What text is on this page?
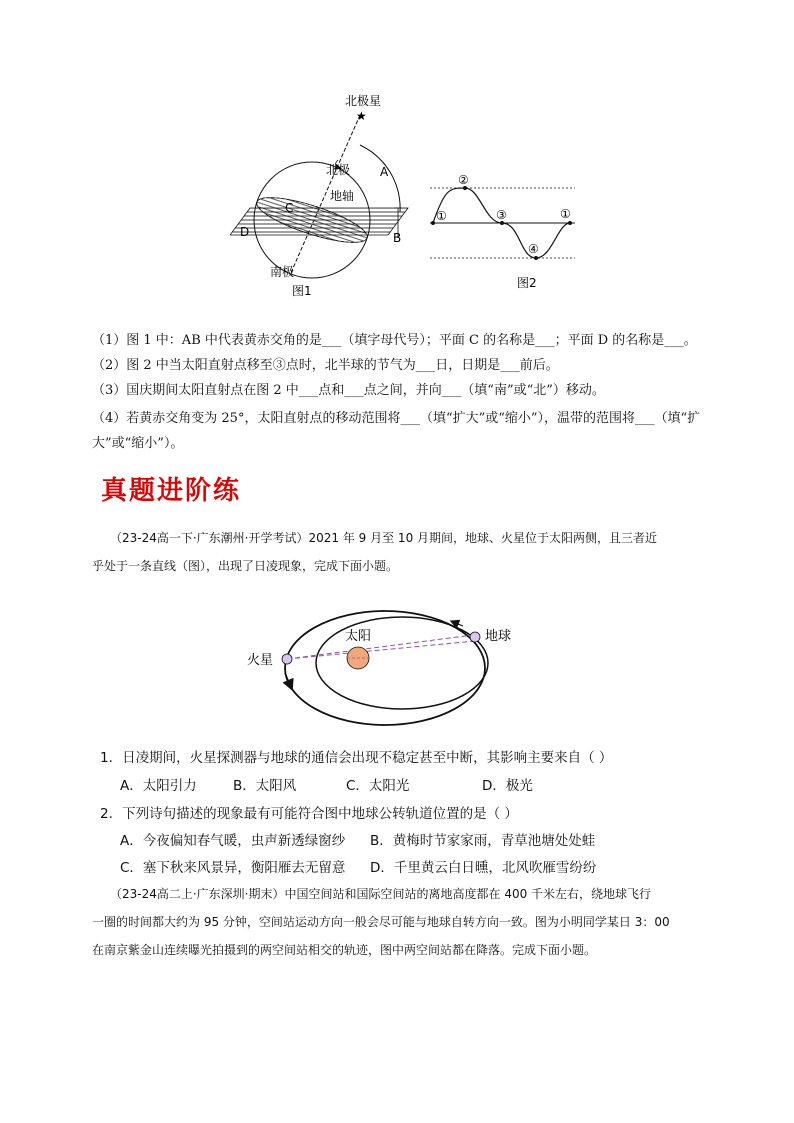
★
北极星
北极
地轴
南极
C
D
A
B
图1
①
②
③
④
①
图2
（1）图 1 中：AB 中代表黄赤交角的是___（填字母代号）；平面 C 的名称是___；平面 D 的名称是___。
（2）图 2 中当太阳直射点移至③点时，北半球的节气为___日，日期是___前后。
（3）国庆期间太阳直射点在图 2 中___点和___点之间，并向___（填“南”或“北”）移动。
（4）若黄赤交角变为 25°，太阳直射点的移动范围将___（填“扩大”或“缩小”），温带的范围将___（填“扩
大”或“缩小”）。
真题进阶练
（23-24高一下·广东潮州·开学考试）2021 年 9 月至 10 月期间，地球、火星位于太阳两侧，且三者近
乎处于一条直线（图），出现了日凌现象，完成下面小题。
太阳	地球
火星
1．日凌期间，火星探测器与地球的通信会出现不稳定甚至中断，其影响主要来自（ ）
A．太阳引力	B．太阳风	C．太阳光	D．极光
2．下列诗句描述的现象最有可能符合图中地球公转轨道位置的是（ ）
A．今夜偏知春气暖，虫声新透绿窗纱 B．黄梅时节家家雨，青草池塘处处蛙
C．塞下秋来风景异，衡阳雁去无留意 D．千里黄云白日曛，北风吹雁雪纷纷
（23-24高二上·广东深圳·期末）中国空间站和国际空间站的离地高度都在 400 千米左右，绕地球飞行
一圈的时间都大约为 95 分钟，空间站运动方向一般会尽可能与地球自转方向一致。图为小明同学某日 3：00
在南京紫金山连续曝光拍摄到的两空间站相交的轨迹，图中两空间站都在降落。完成下面小题。
